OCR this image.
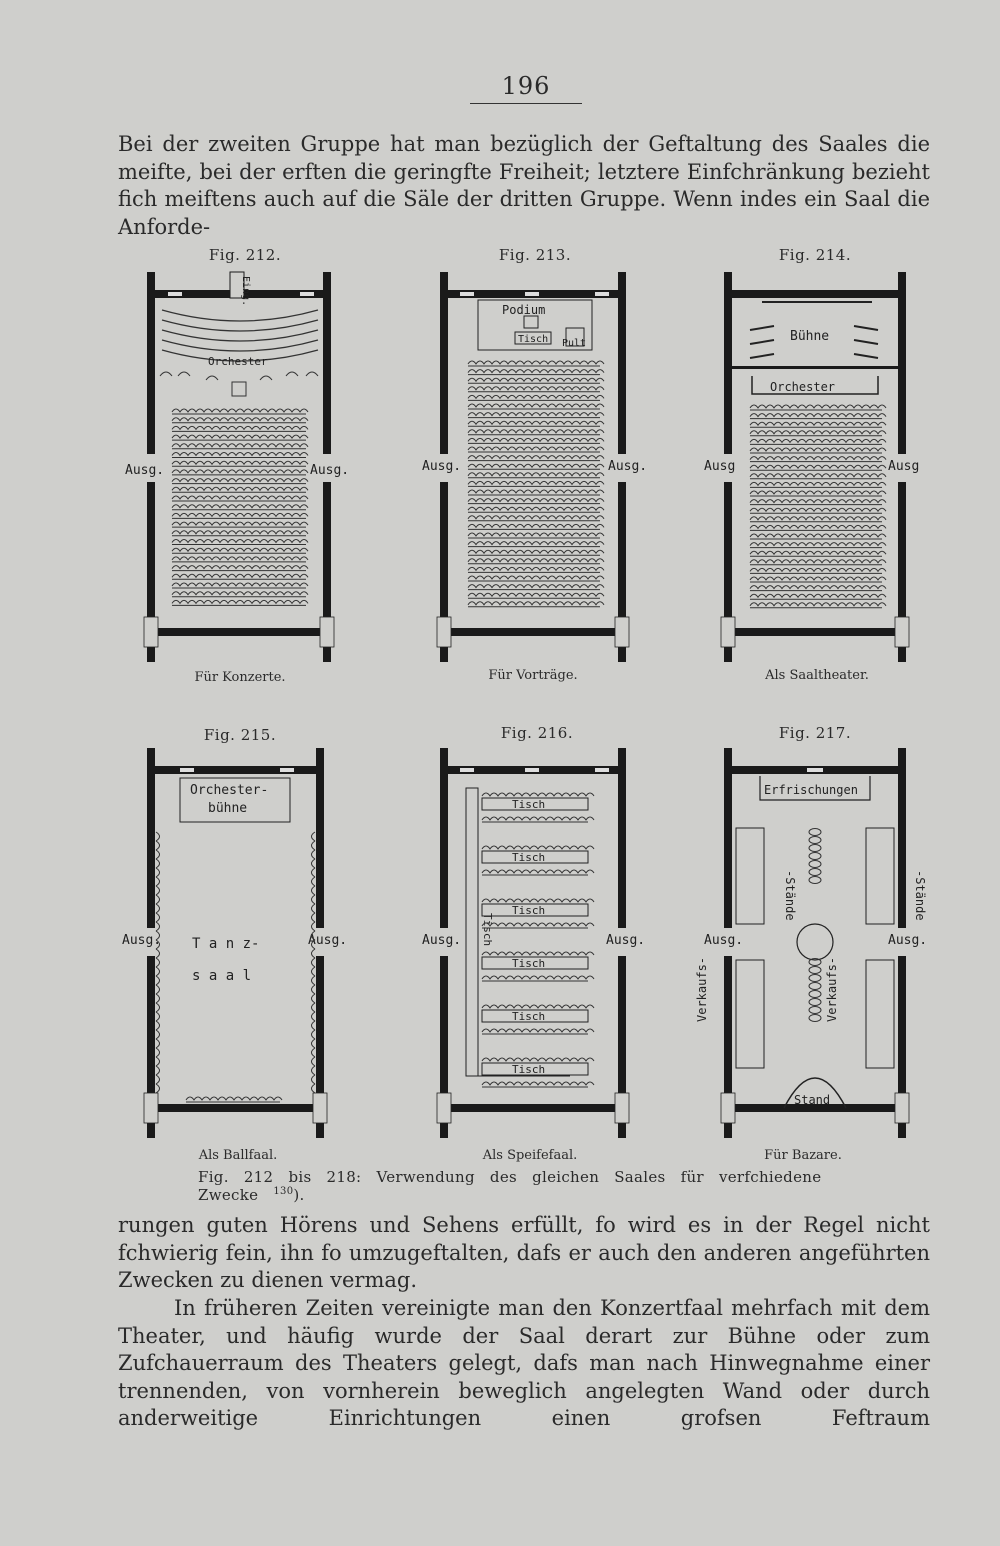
196

Bei der zweiten Gruppe hat man bezüglich der Geftaltung des Saales die meifte, bei der erften die geringfte Freiheit; letztere Einfchränkung bezieht fich meiftens auch auf die Säle der dritten Gruppe. Wenn indes ein Saal die Anforde-

Fig. 212.	Fig. 213.	Fig. 214.
Fig. 215.	Fig. 216.	Fig. 217.
Eing.
Ausg.	Ausg.
Orchester
Für Konzerte.
Podium
Tisch Pult
Ausg.	Ausg.
Für Vorträge.
Bühne
Orchester
Ausg	Ausg
Als Saaltheater.
Orchester-
bühne
T a n z-
s a a l
Ausg.	Ausg.
Als Ballfaal.
Tisch
Ausg.	Ausg.
Tisch
Tisch
Tisch
Tisch
Tisch
Tisch
Als Speifefaal.
Erfrischungen
-Stände	-Stände
Verkaufs-	Verkaufs-
Stand
Ausg.	Ausg.
Für Bazare.
Fig. 212 bis 218: Verwendung des gleichen Saales für verfchiedene Zwecke $^{130}$).

rungen guten Hörens und Sehens erfüllt, fo wird es in der Regel nicht fchwierig fein, ihn fo umzugeftalten, dafs er auch den anderen angeführten Zwecken zu dienen vermag.

In früheren Zeiten vereinigte man den Konzertfaal mehrfach mit dem Theater, und häufig wurde der Saal derart zur Bühne oder zum Zufchauerraum des Theaters gelegt, dafs man nach Hinwegnahme einer trennenden, von vornherein beweglich angelegten Wand oder durch anderweitige Einrichtungen einen grofsen Feftraum
